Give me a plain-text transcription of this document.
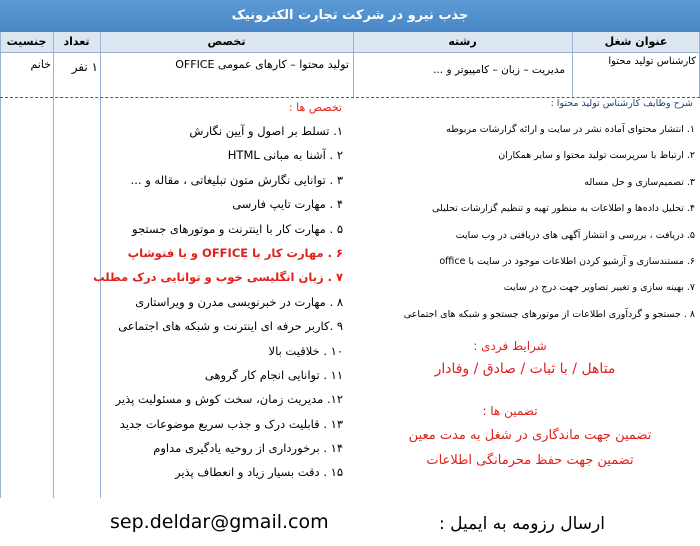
جذب نیرو در شرکت تجارت الکترونیک
عنوان شغل
رشته
تخصص
تعداد
جنسیت
کارشناس تولید محتوا
مدیریت – زبان – کامپیوتر و ...
تولید محتوا – کارهای عمومی OFFICE
۱ نفر
خانم
تخصص ها :
۱. تسلط بر اصول و آیین نگارش
۲ . آشنا به مبانی HTML
۳ . توانایی نگارش متون تبلیغاتی ، مقاله و ...
۴ . مهارت تایپ فارسی
۵ . مهارت کار با اینترنت و موتورهای جستجو
۶ . مهارت کار با OFFICE و با فتوشاپ
۷ . زبان انگلیسی خوب و توانایی درک مطلب
۸ . مهارت در خبرنویسی مدرن و ویراستاری
۹ .کاربر حرفه ای اینترنت و شبکه های اجتماعی
۱۰ . خلاقیت بالا
۱۱ . توانایی انجام کار گروهی
۱۲. مدیریت زمان، سخت کوش و مسئولیت پذیر
۱۳ . قابلیت درک و جذب سریع موضوعات جدید
۱۴ . برخورداری از روحیه یادگیری مداوم
۱۵ . دقت بسیار زیاد و انعطاف پذیر
شرح وظایف کارشناس تولید محتوا :
۱. انتشار محتوای آماده نشر در سایت و ارائه گزارشات مربوطه
۲. ارتباط با سرپرست تولید محتوا و سایر همکاران
۳. تصمیم‌سازی و حل مساله
۴. تحلیل داده‌ها و اطلاعات به منظور تهیه و تنظیم گزارشات تحلیلی
۵. دریافت ، بررسی و انتشار آگهی های دریافتی در وب سایت
۶. مستندسازی و آرشیو کردن اطلاعات موجود در سایت با office
۷. بهینه سازی و تغییر تصاویر جهت درج در سایت
۸ . جستجو و گردآوری اطلاعات از موتورهای جستجو و شبکه های اجتماعی
شرایط فردی :
متاهل / با ثبات / صادق / وفادار
تضمین ها :
تضمین جهت ماندگاری در شغل به مدت معین
تضمین جهت حفظ محرمانگی اطلاعات
ارسال رزومه به ایمیل :
sep.deldar@gmail.com
